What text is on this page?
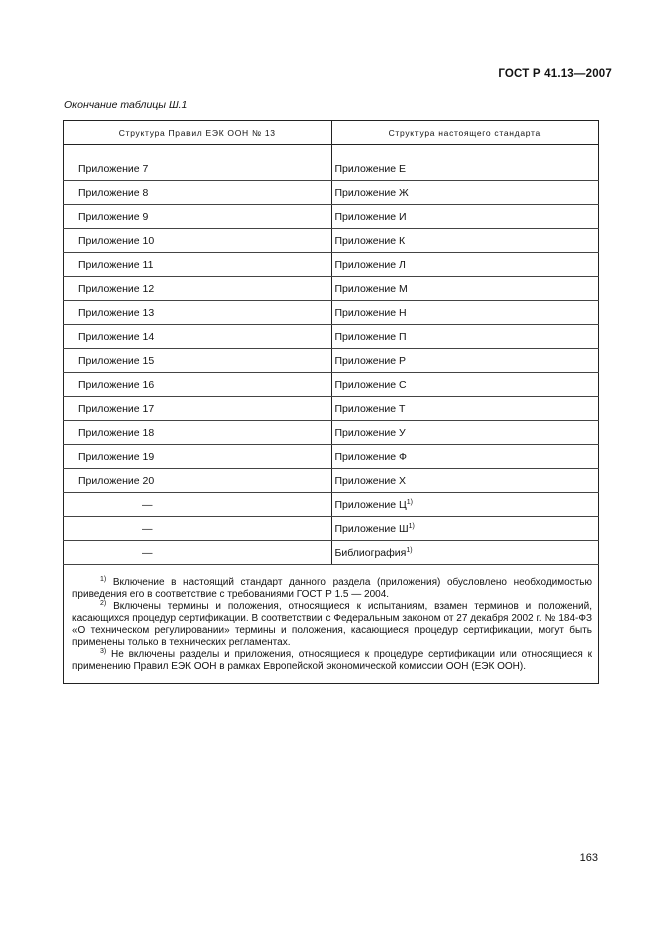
ГОСТ Р 41.13—2007
Окончание таблицы Ш.1
Структура Правил ЕЭК ООН № 13	Структура настоящего стандарта

Приложение 7	Приложение Е
Приложение 8	Приложение Ж
Приложение 9	Приложение И
Приложение 10	Приложение К
Приложение 11	Приложение Л
Приложение 12	Приложение М
Приложение 13	Приложение Н
Приложение 14	Приложение П
Приложение 15	Приложение Р
Приложение 16	Приложение С
Приложение 17	Приложение Т
Приложение 18	Приложение У
Приложение 19	Приложение Ф
Приложение 20	Приложение Х
—	Приложение $Ц^{1)}$
—	Приложение $Ш^{1)}$
—	Библиография$^{1)}$

$^{1)}$ Включение в настоящий стандарт данного раздела (приложения) обусловлено необходимостью приведения его в соответствие с требованиями ГОСТ Р 1.5 — 2004.

$^{2)}$ Включены термины и положения, относящиеся к испытаниям, взамен терминов и положений, касающихся процедур сертификации. В соответствии с Федеральным законом от 27 декабря 2002 г. № 184-ФЗ «О техническом регулировании» термины и положения, касающиеся процедур сертификации, могут быть применены только в технических регламентах.

$^{3)}$ Не включены разделы и приложения, относящиеся к процедуре сертификации или относящиеся к применению Правил ЕЭК ООН в рамках Европейской экономической комиссии ООН (ЕЭК ООН).	

163
